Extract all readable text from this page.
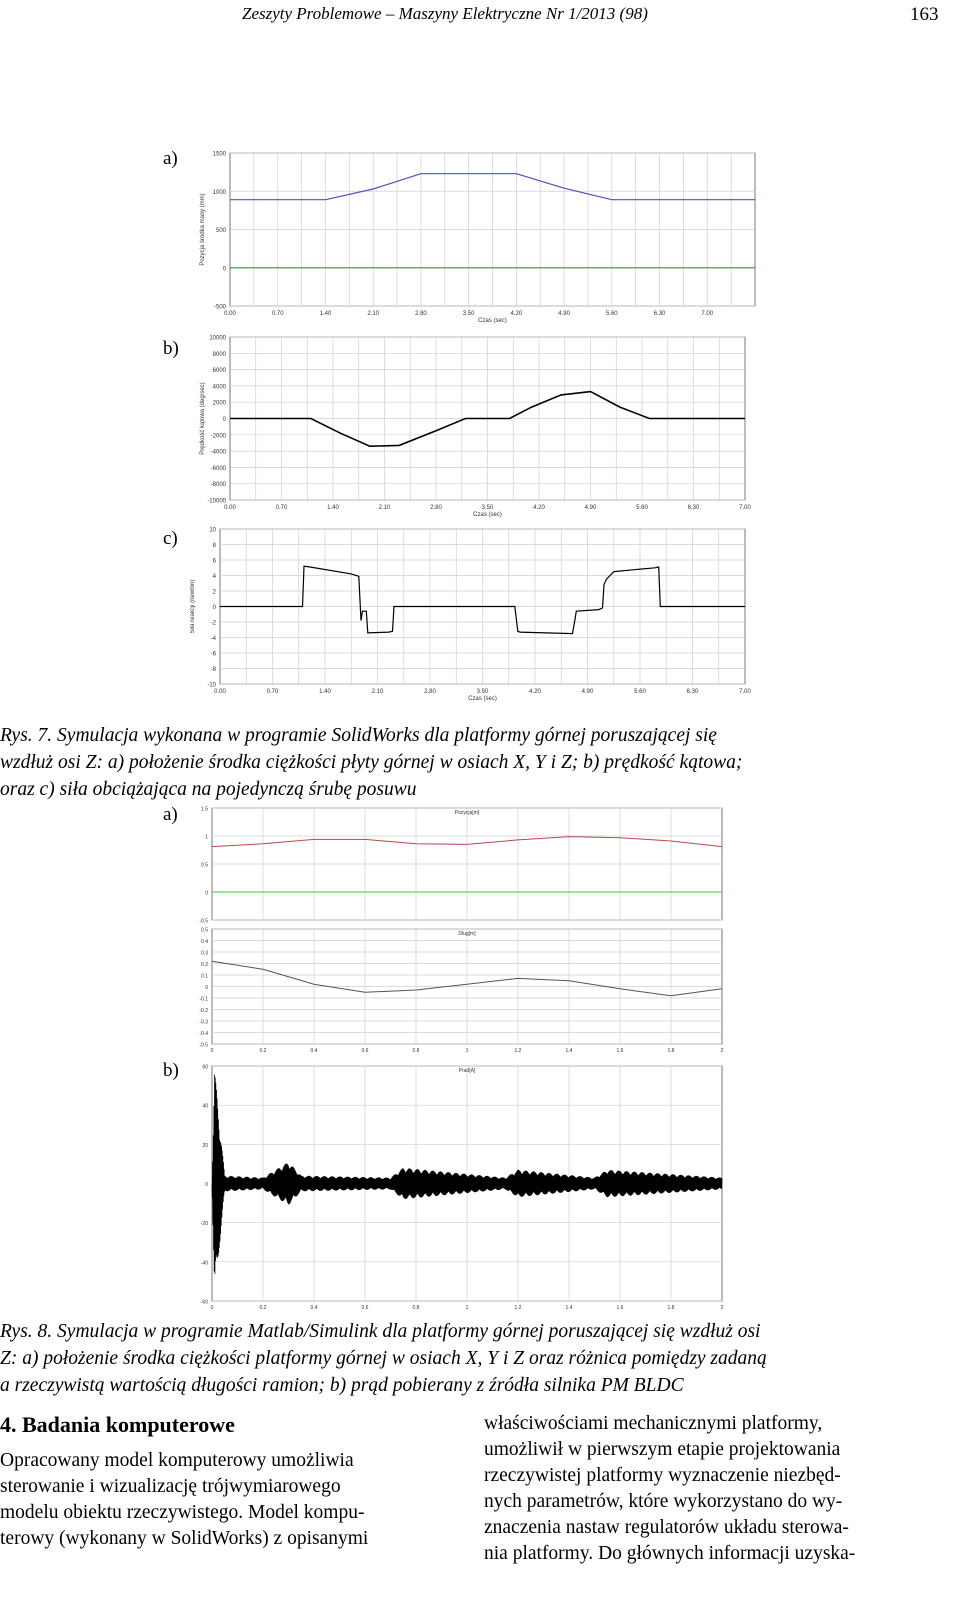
Zeszyty Problemowe – Maszyny Elektryczne Nr 1/2013 (98)	163
a)
b)
c)
1500
1000
500
0
-500
0.00	0.70	1.40	2.10	2.80	3.50	4.20	4.90	5.60	6.30	7.00
Czas (sec)
Pozycja środka masy (mm)
10000
8000
6000
4000
2000
0
-2000
-4000
-6000
-8000
-10000
0.00	0.70	1.40	2.10	2.80	3.50	4.20	4.90	5.60	6.30	7.00
Czas (sec)
Prędkość kątowa (deg/sec)
10
8
6
4
2
0
-2
-4
-6
-8
-10
0.00	0.70	1.40	2.10	2.80	3.50	4.20	4.90	5.60	6.30	7.00
Czas (sec)
Siła reakcji (newton)
Rys. 7. Symulacja wykonana w programie SolidWorks dla platformy górnej poruszającej się
wzdłuż osi Z: a) położenie środka ciężkości płyty górnej w osiach X, Y i Z; b) prędkość kątowa;
oraz c) siła obciążająca na pojedynczą śrubę posuwu
a)
b)
1.5
1
0.5
0
-0.5
Pozycja[m]
0.5
0.4
0.3
0.2
0.1
0
-0.1
-0.2
-0.3
-0.4
-0.5
0	0.2	0.4	0.6	0.8	1	1.2	1.4	1.6	1.8	2
Dlug[m]
60
40
20
0
-20
-40
-60
0	0.2	0.4	0.6	0.8	1	1.2	1.4	1.6	1.8	2
Prad[A]
Rys. 8. Symulacja w programie Matlab/Simulink dla platformy górnej poruszającej się wzdłuż osi
Z: a) położenie środka ciężkości platformy górnej w osiach X, Y i Z oraz różnica pomiędzy zadaną
a rzeczywistą wartością długości ramion; b) prąd pobierany z źródła silnika PM BLDC
4. Badania komputerowe
Opracowany model komputerowy umożliwia
sterowanie i wizualizację trójwymiarowego
modelu obiektu rzeczywistego. Model kompu-
terowy (wykonany w SolidWorks) z opisanymi
właściwościami mechanicznymi platformy,
umożliwił w pierwszym etapie projektowania
rzeczywistej platformy wyznaczenie niezbęd-
nych parametrów, które wykorzystano do wy-
znaczenia nastaw regulatorów układu sterowa-
nia platformy. Do głównych informacji uzyska-
